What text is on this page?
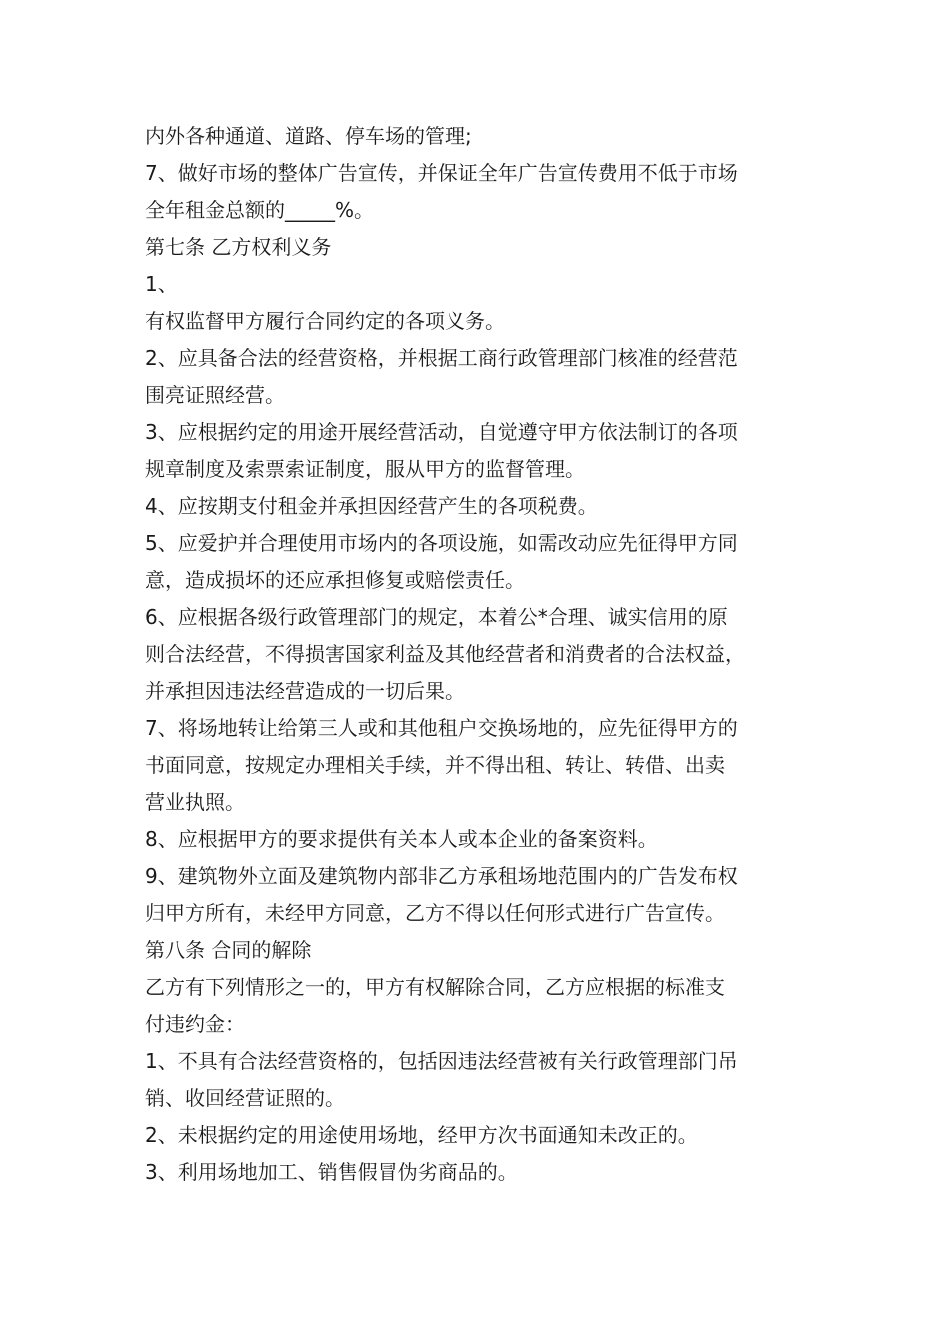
内外各种通道、道路、停车场的管理;
7、做好市场的整体广告宣传，并保证全年广告宣传费用不低于市场
全年租金总额的_____%。
第七条 乙方权利义务
1、
有权监督甲方履行合同约定的各项义务。
2、应具备合法的经营资格，并根据工商行政管理部门核准的经营范
围亮证照经营。
3、应根据约定的用途开展经营活动，自觉遵守甲方依法制订的各项
规章制度及索票索证制度，服从甲方的监督管理。
4、应按期支付租金并承担因经营产生的各项税费。
5、应爱护并合理使用市场内的各项设施，如需改动应先征得甲方同
意，造成损坏的还应承担修复或赔偿责任。
6、应根据各级行政管理部门的规定，本着公*合理、诚实信用的原
则合法经营，不得损害国家利益及其他经营者和消费者的合法权益，
并承担因违法经营造成的一切后果。
7、将场地转让给第三人或和其他租户交换场地的，应先征得甲方的
书面同意，按规定办理相关手续，并不得出租、转让、转借、出卖
营业执照。
8、应根据甲方的要求提供有关本人或本企业的备案资料。
9、建筑物外立面及建筑物内部非乙方承租场地范围内的广告发布权
归甲方所有，未经甲方同意，乙方不得以任何形式进行广告宣传。
第八条 合同的解除
乙方有下列情形之一的，甲方有权解除合同，乙方应根据的标准支
付违约金：
1、不具有合法经营资格的，包括因违法经营被有关行政管理部门吊
销、收回经营证照的。
2、未根据约定的用途使用场地，经甲方次书面通知未改正的。
3、利用场地加工、销售假冒伪劣商品的。
